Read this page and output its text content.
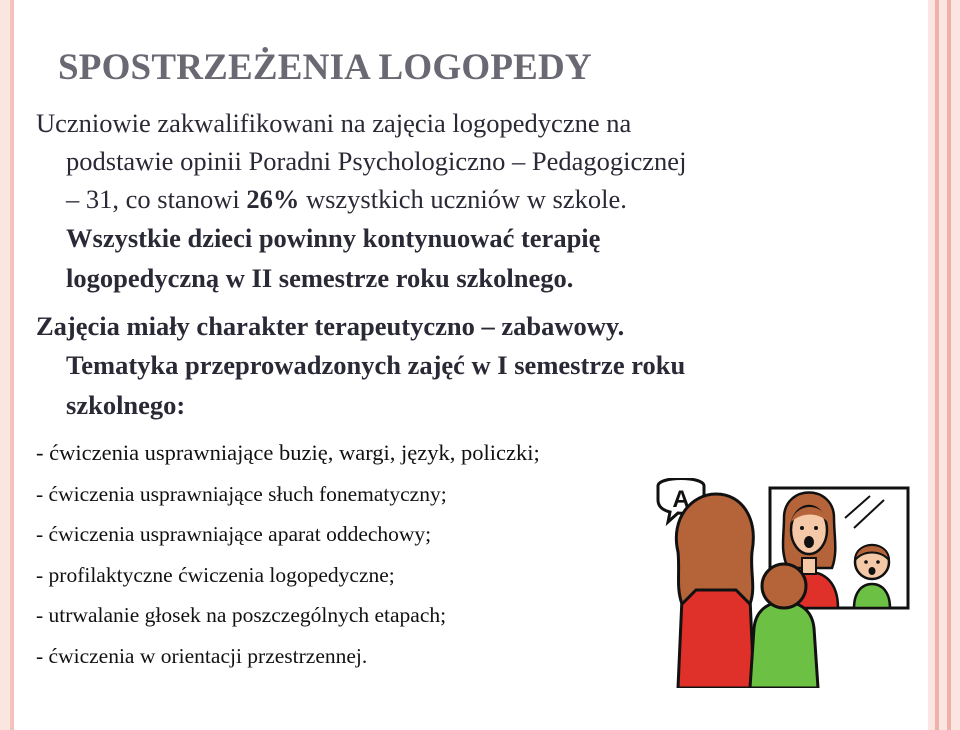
SPOSTRZEŻENIA LOGOPEDY
Uczniowie zakwalifikowani na zajęcia logopedyczne na
podstawie opinii Poradni Psychologiczno – Pedagogicznej
– 31, co stanowi 26% wszystkich uczniów w szkole.
Wszystkie dzieci powinny kontynuować terapię
logopedyczną w II semestrze roku szkolnego.
Zajęcia miały charakter terapeutyczno – zabawowy.
Tematyka przeprowadzonych zajęć w I semestrze roku
szkolnego:
- ćwiczenia usprawniające buzię, wargi, język, policzki;
- ćwiczenia usprawniające słuch fonematyczny;
- ćwiczenia usprawniające aparat oddechowy;
- profilaktyczne ćwiczenia logopedyczne;
- utrwalanie głosek na poszczególnych etapach;
- ćwiczenia w orientacji przestrzennej.
A
